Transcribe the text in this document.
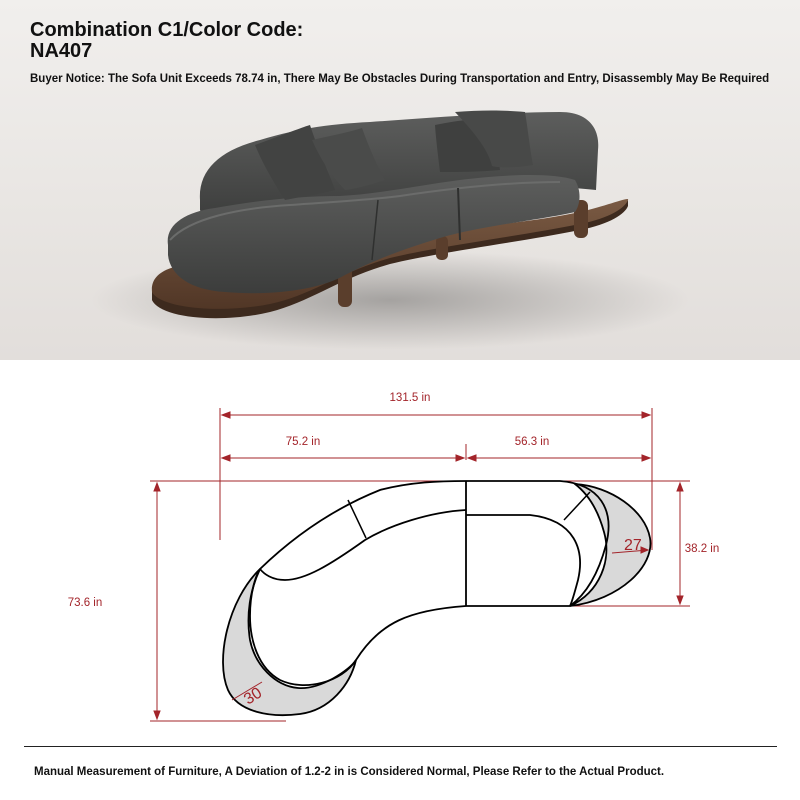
Combination C1/Color Code:
NA407

Buyer Notice: The Sofa Unit Exceeds 78.74 in, There May Be Obstacles During Transportation and Entry, Disassembly May Be Required

131.5 in
75.2 in	56.3 in
73.6 in
38.2 in
27
30

Manual Measurement of Furniture, A Deviation of 1.2-2 in is Considered Normal, Please Refer to the Actual Product.
